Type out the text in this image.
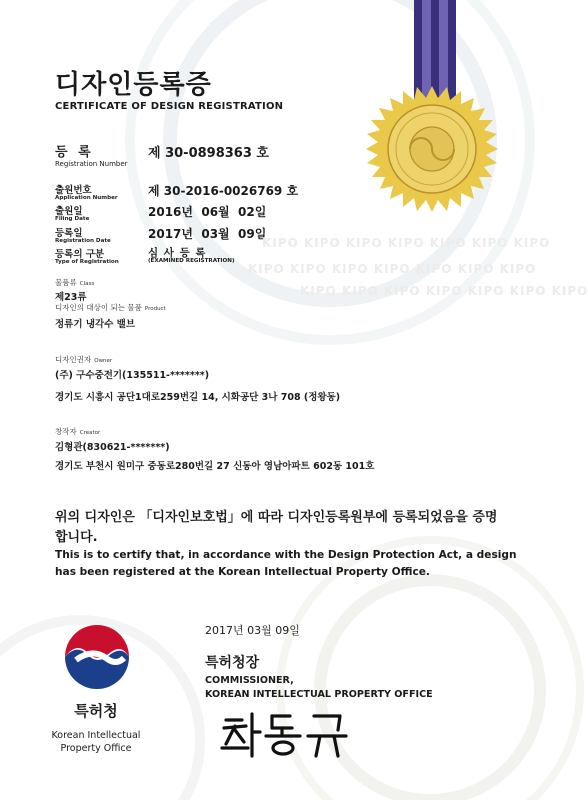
디자인등록증
CERTIFICATE OF DESIGN REGISTRATION
등 록
Registration Number
제 30-0898363 호
출원번호
Application Number	제 30-2016-0026769 호
출원일
Filing Date	2016년  06월  02일
등록일
Registration Date	2017년  03월  09일
등록의 구분
Type of Registration
심 사 등 록
(EXAMINED REGISTRATION)
KIPO KIPO KIPO KIPO KIPO KIPO KIPO
KIPO KIPO KIPO KIPO KIPO KIPO KIPO
KIPO KIPO KIPO KIPO KIPO KIPO KIPO
물품류 Class
제23류
디자인의 대상이 되는 물품 Product
정류기 냉각수 밸브
디자인권자 Owner
(주) 구수중전기(135511-*******)
경기도 시흥시 공단1대로259번길 14, 시화공단 3나 708 (정왕동)
창작자 Creator
김형관(830621-*******)
경기도 부천시 원미구 중동로280번길 27 신동아 영남아파트 602동 101호
위의 디자인은 「디자인보호법」에 따라 디자인등록원부에 등록되었음을 증명합니다.
This is to certify that, in accordance with the Design Protection Act, a design has been registered at the Korean Intellectual Property Office.
2017년 03월 09일
특허청장
COMMISSIONER,
KOREAN INTELLECTUAL PROPERTY OFFICE
특허청
Korean Intellectual
Property Office
